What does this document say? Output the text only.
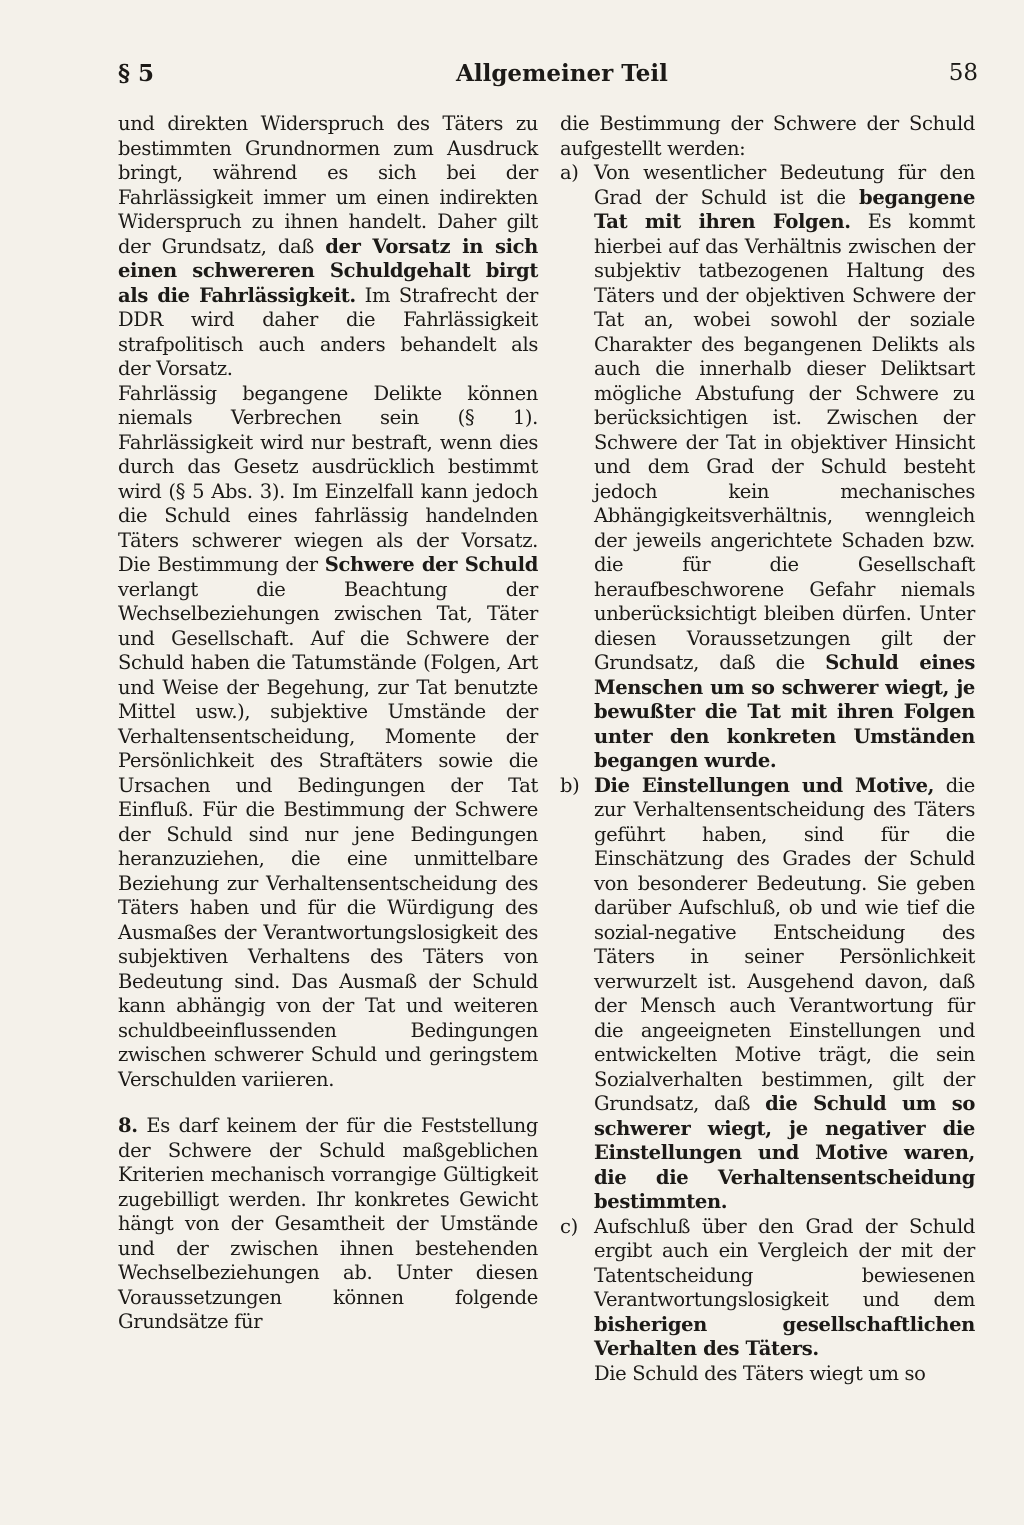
§ 5	Allgemeiner Teil	58

und direkten Widerspruch des Täters zu bestimmten Grundnormen zum Ausdruck bringt, während es sich bei der Fahrlässigkeit immer um einen indirekten Widerspruch zu ihnen handelt. Daher gilt der Grundsatz, daß der Vorsatz in sich einen schwereren Schuldgehalt birgt als die Fahrlässigkeit. Im Strafrecht der DDR wird daher die Fahrlässigkeit strafpolitisch auch anders behandelt als der Vorsatz.

Fahrlässig begangene Delikte können niemals Verbrechen sein (§ 1). Fahrlässigkeit wird nur bestraft, wenn dies durch das Gesetz ausdrücklich bestimmt wird (§ 5 Abs. 3). Im Einzelfall kann jedoch die Schuld eines fahrlässig handelnden Täters schwerer wiegen als der Vorsatz. Die Bestimmung der Schwere der Schuld verlangt die Beachtung der Wechselbeziehungen zwischen Tat, Täter und Gesellschaft. Auf die Schwere der Schuld haben die Tatumstände (Folgen, Art und Weise der Begehung, zur Tat benutzte Mittel usw.), subjektive Umstände der Verhaltensentscheidung, Momente der Persönlichkeit des Straftäters sowie die Ursachen und Bedingungen der Tat Einfluß. Für die Bestimmung der Schwere der Schuld sind nur jene Bedingungen heranzuziehen, die eine unmittelbare Beziehung zur Verhaltensentscheidung des Täters haben und für die Würdigung des Ausmaßes der Verantwortungslosigkeit des subjektiven Verhaltens des Täters von Bedeutung sind. Das Ausmaß der Schuld kann abhängig von der Tat und weiteren schuldbeeinflussenden Bedingungen zwischen schwerer Schuld und geringstem Verschulden variieren.

8. Es darf keinem der für die Feststellung der Schwere der Schuld maßgeblichen Kriterien mechanisch vorrangige Gültigkeit zugebilligt werden. Ihr konkretes Gewicht hängt von der Gesamtheit der Umstände und der zwischen ihnen bestehenden Wechselbeziehungen ab. Unter diesen Voraussetzungen können folgende Grundsätze für

die Bestimmung der Schwere der Schuld aufgestellt werden:

a) Von wesentlicher Bedeutung für den Grad der Schuld ist die begangene Tat mit ihren Folgen. Es kommt hierbei auf das Verhältnis zwischen der subjektiv tatbezogenen Haltung des Täters und der objektiven Schwere der Tat an, wobei sowohl der soziale Charakter des begangenen Delikts als auch die innerhalb dieser Deliktsart mögliche Abstufung der Schwere zu berücksichtigen ist. Zwischen der Schwere der Tat in objektiver Hinsicht und dem Grad der Schuld besteht jedoch kein mechanisches Abhängigkeitsverhältnis, wenngleich der jeweils angerichtete Schaden bzw. die für die Gesellschaft heraufbeschworene Gefahr niemals unberücksichtigt bleiben dürfen. Unter diesen Voraussetzungen gilt der Grundsatz, daß die Schuld eines Menschen um so schwerer wiegt, je bewußter die Tat mit ihren Folgen unter den konkreten Umständen begangen wurde.

b) Die Einstellungen und Motive, die zur Verhaltensentscheidung des Täters geführt haben, sind für die Einschätzung des Grades der Schuld von besonderer Bedeutung. Sie geben darüber Aufschluß, ob und wie tief die sozial-negative Entscheidung des Täters in seiner Persönlichkeit verwurzelt ist. Ausgehend davon, daß der Mensch auch Verantwortung für die angeeigneten Einstellungen und entwickelten Motive trägt, die sein Sozialverhalten bestimmen, gilt der Grundsatz, daß die Schuld um so schwerer wiegt, je negativer die Einstellungen und Motive waren, die die Verhaltensentscheidung bestimmten.

c) Aufschluß über den Grad der Schuld ergibt auch ein Vergleich der mit der Tatentscheidung bewiesenen Verantwortungslosigkeit und dem bisherigen gesellschaftlichen Verhalten des Täters.

Die Schuld des Täters wiegt um so
